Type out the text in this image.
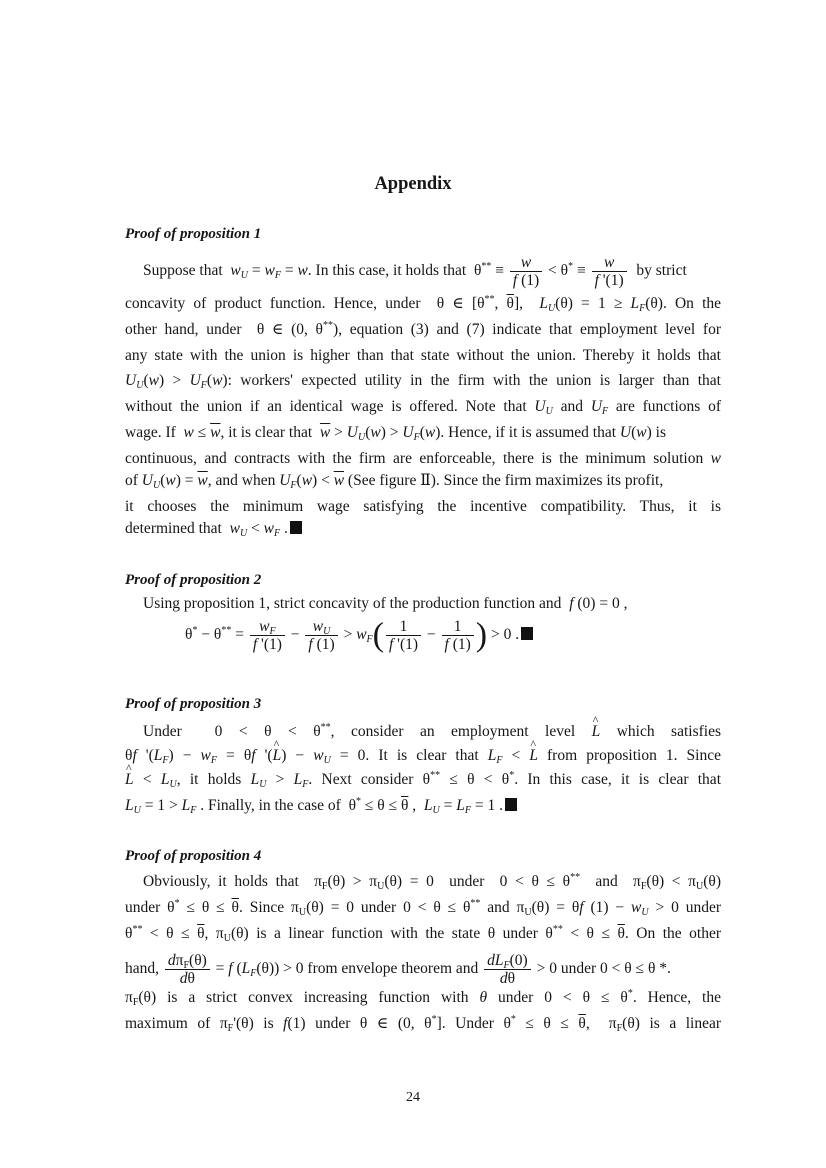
Appendix
Proof of proposition 1
Suppose that $w_U = w_F = w$. In this case, it holds that  $\theta^{**} \equiv \frac{w}{f (1)} < \theta^* \equiv \frac{w}{f '(1)}$ by strict
concavity of product function. Hence, under  θ ∈ [θ**, $\overline{\theta}$],  $L_U(\theta) = 1 \ge L_F(\theta)$. On the
other hand, under  θ ∈ (0, θ**), equation (3) and (7) indicate that employment level for
any state with the union is higher than that state without the union. Thereby it holds that
$U_U(w) > U_F(w)$: workers' expected utility in the firm with the union is larger than that
without the union if an identical wage is offered. Note that $U_U$ and $U_F$ are functions of
wage. If $w \le \overline{w}$, it is clear that $\overline{w} > U_U(w) > U_F(w)$. Hence, if it is assumed that U(w) is
continuous, and contracts with the firm are enforceable, there is the minimum solution w
of $U_U(w) = \overline{w}$, and when $U_F(w) < \overline{w}$ (See figure Ⅱ). Since the firm maximizes its profit,
it chooses the minimum wage satisfying the incentive compatibility. Thus, it is
determined that $w_U < w_F$ .
Proof of proposition 2
Using proposition 1, strict concavity of the production function and f (0) = 0 ,
$\theta^* - \theta^{**} = \frac{w_F}{f '(1)} - \frac{w_U}{f (1)} > w_F( \frac{1}{f '(1)} - \frac{1}{f (1)}$ ) > 0 .
Proof of proposition 3
Under  0 < θ < θ**, consider an employment level ^ L which satisfies
θf '$(L_F) - w_F = \theta f$ '(^ $L) - w_U = 0$. It is clear that $L_F$ < ^ L from proposition 1. Since
^ $L < L_U$, it holds $L_U > L_F$. Next consider θ** ≤ θ < θ*. In this case, it is clear that
$L_U = 1 > L_F$ . Finally, in the case of  $\theta^* \le \theta \le \overline{\theta}$ ,  $L_U = L_F = 1$ .
Proof of proposition 4
Obviously, it holds that  $\pi_F(\theta) > \pi_U(\theta) = 0$  under  0 < θ ≤ θ** and  $\pi_F(\theta) < \pi_U(\theta)$
under $\theta^* \le \theta \le \overline{\theta}$. Since $\pi_U(\theta) = 0$ under 0 < θ ≤ θ** and $\pi_U(\theta) = \theta f$ $(1) - w_U > 0$ under
$\theta^{**} < \theta \le \overline{\theta}$, $\pi_U(\theta)$ is a linear function with the state θ under $\theta^{**} < \theta \le \overline{\theta}$. On the other
hand, $\frac{d\pi_F(\theta)}{d\theta} = f$ $(L_F(\theta)) > 0$ from envelope theorem and $\frac{dL_F(0)}{d\theta} > 0$ under 0 < θ ≤ θ *.
$\pi_F(\theta)$ is a strict convex increasing function with θ under 0 < θ ≤ θ*. Hence, the
maximum of $\pi_F'(\theta)$ is f(1) under θ ∈ (0, θ*]. Under $\theta^* \le \theta \le \overline{\theta}$,  $\pi_F(\theta)$ is a linear
24
